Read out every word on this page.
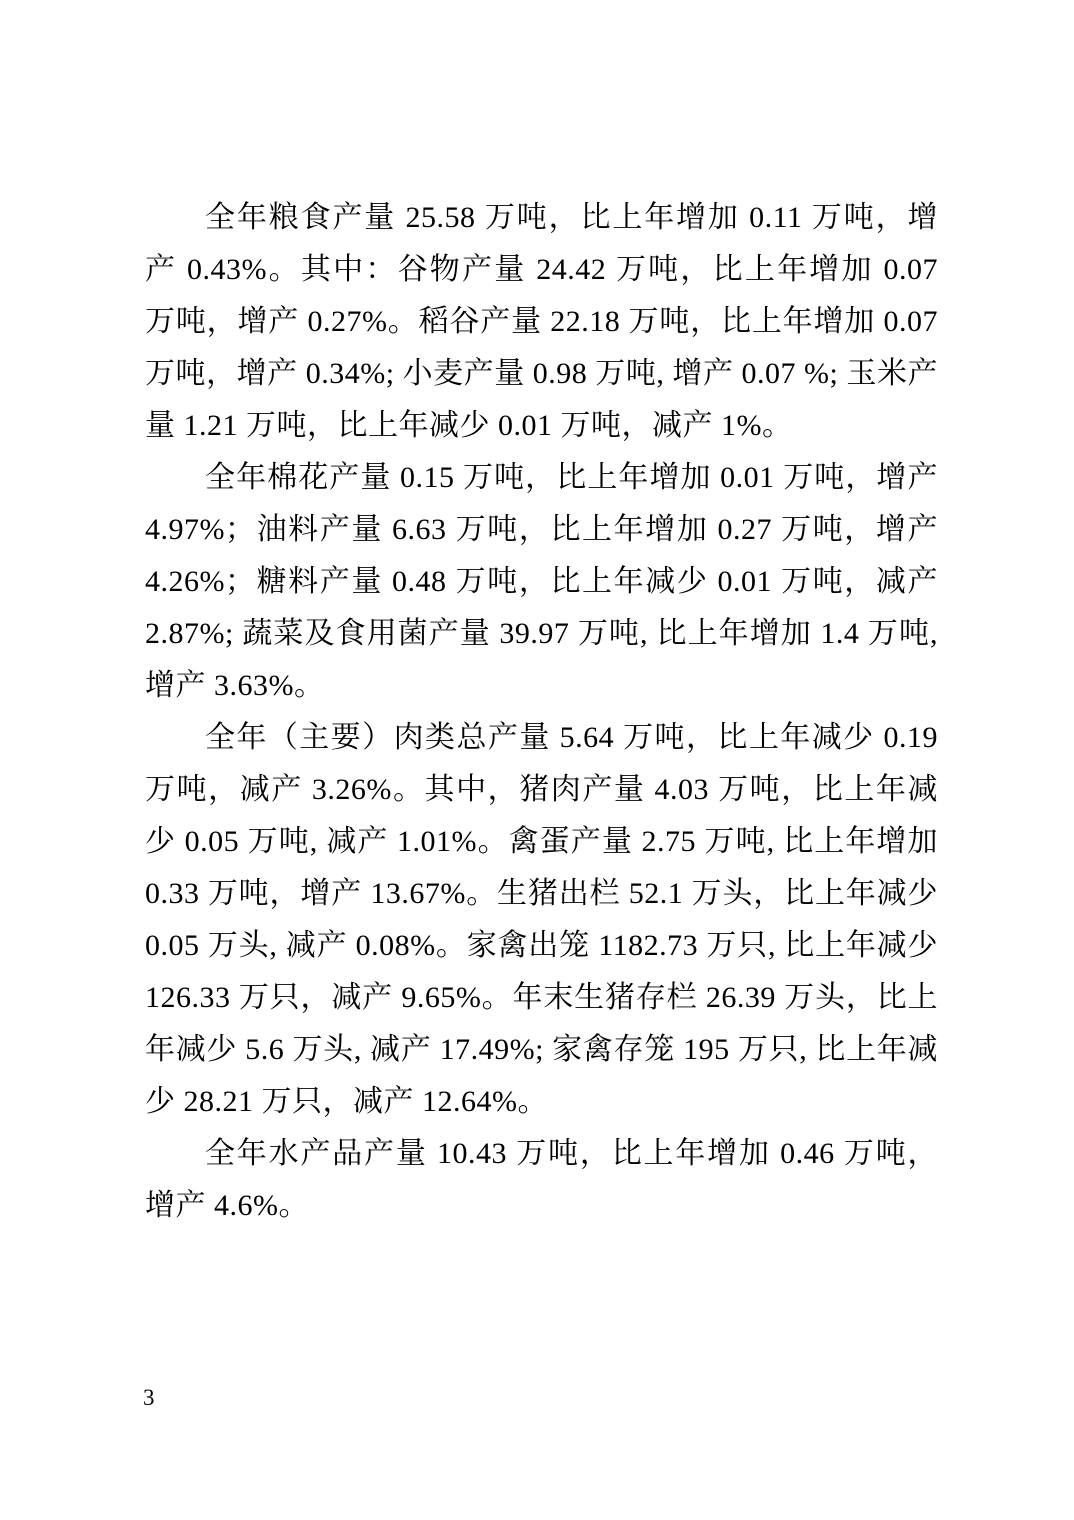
全年粮食产量 25.58 万吨，比上年增加 0.11 万吨，增产 0.43%。其中：谷物产量 24.42 万吨，比上年增加 0.07 万吨，增产 0.27%。稻谷产量 22.18 万吨，比上年增加 0.07 万吨，增产 0.34%; 小麦产量 0.98 万吨, 增产 0.07 %; 玉米产量 1.21 万吨，比上年减少 0.01 万吨，减产 1%。

全年棉花产量 0.15 万吨，比上年增加 0.01 万吨，增产 4.97%；油料产量 6.63 万吨，比上年增加 0.27 万吨，增产 4.26%；糖料产量 0.48 万吨，比上年减少 0.01 万吨，减产 2.87%; 蔬菜及食用菌产量 39.97 万吨, 比上年增加 1.4 万吨, 增产 3.63%。

全年（主要）肉类总产量 5.64 万吨，比上年减少 0.19 万吨，减产 3.26%。其中，猪肉产量 4.03 万吨，比上年减少 0.05 万吨, 减产 1.01%。禽蛋产量 2.75 万吨, 比上年增加 0.33 万吨，增产 13.67%。生猪出栏 52.1 万头，比上年减少 0.05 万头, 减产 0.08%。家禽出笼 1182.73 万只, 比上年减少 126.33 万只，减产 9.65%。年末生猪存栏 26.39 万头，比上年减少 5.6 万头, 减产 17.49%; 家禽存笼 195 万只, 比上年减少 28.21 万只，减产 12.64%。

全年水产品产量 10.43 万吨，比上年增加 0.46 万吨，增产 4.6%。

3
